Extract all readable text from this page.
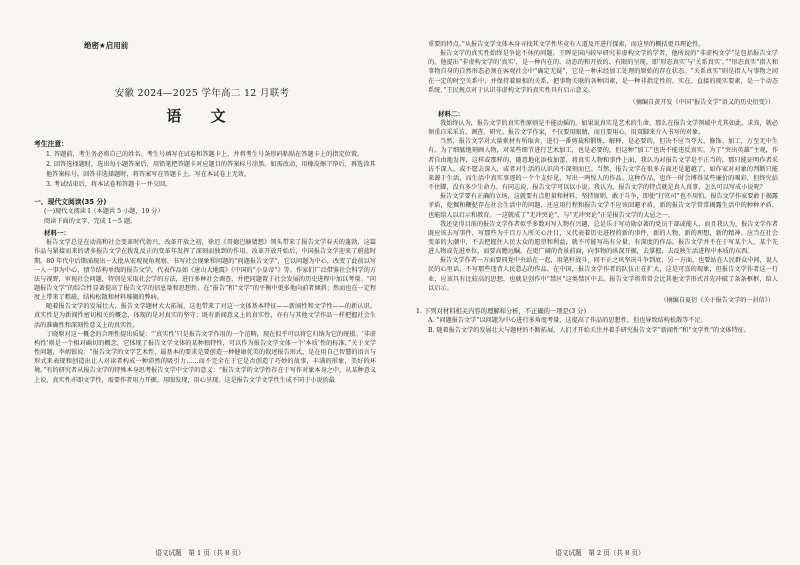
绝密★启用前
安徽 2024—2025 学年高二 12 月联考
语 文
考生注意：

1. 答题前，考生务必将自己的姓名、考生号填写在试卷和答题卡上，并将考生号条形码粘贴在答题卡上的指定位置。

2. 回答选择题时，选出每小题答案后，用铅笔把答题卡对应题目的答案标号涂黑。如需改动，用橡皮擦干净后，再选涂其他答案标号。回答非选择题时，将答案写在答题卡上。写在本试卷上无效。

3. 考试结束后，将本试卷和答题卡一并交回。

一、现代文阅读(35 分)
(一)现代文阅读 I（本题共 5 小题，19 分）
阅读下面的文字，完成 1～5 题。
材料一：

报告文学总是在动荡和社会变革时代勃兴，改革开放之初，徐迟《哥德巴赫猜想》领头带来了报告文学春天的蓬勃，这篇作品与紧接而来的诸多报告文学在拨乱反正的变革年发挥了深刻而独到的作用。改革开放开始后，中国报告文学迎来了蔚蓝时期。80 年代中后期涌现出一大批从宏观视角观察、书写社会现象和问题的“问题报告文学”，它以问题为中心，改变了此前以写一人一事为中心、情节结构单线的报告文学。代表作品如《唐山大地震》《中国的“小皇帝”》等。作家们广泛借鉴社会科学的方法与视野，审视社会问题，特别是采取社会学的方法，进行多种社会调查，并把问题置于社会发展的历史进程中加以考量。“问题报告文学”的综合性显著提高了报告文学的信息量和思想性，在“报告”和“文学”的平衡中更多地向前者倾斜；然而也在一定程度上带来了粗疏、结构松散和材料堆砌的弊病。

随着报告文学的发展壮大，报告文学题材大大拓展，这也带来了对这一文体基本特征——新闻性和文学性——的新认识。真实性是为新闻性密切相关的概念，体现的是对真实的坚守；既有新闻意义上的真实性，亦有与其他文学作品一样把握社会生活的准确性和深刻性意义上的真实性。

丁晓原对这一概念的合理性提出质疑：“‘真实性’只是报告文学作用的一个范畴，现在似乎可以将它归纳为它的统摄。‘非虚构性’则是一个相对确切的概念，它体现了报告文学文体的某种独特性，可以作为报告文学文体一个‘本质’性的标准。”关于文学性问题，李炳银说：“报告文学的文学艺术性，最基本的要求是要创造一种健康优美的叙述报告形式，是在用自己智慧的语言与形式来表现和创造出让人对读者构成一种沛然的吸引力……而不完全在于它是否创造了巧妙的故事，丰满的形象，美好的环境。”有的研究者从报告文学的特殊本身思考报告文学中文学的意义：“报告文学的文学性存在于写作对象本身之中，从某种意义上说，真实性亦即文学性，需要作者用力开掘，用眼发现，用心呈现。这是报告文学文学性生成不同于小说的最

语文试题　第 1 页（共 8 页）

重要的特点。”从报告文学文体本身寻找其文学性毕竟有人道及开进行探索，而这里的概括更具理论性。

报告文学的真实性始终是争论不休的问题。王晖是国内较早研究非虚构文学的学者，他所说的“非虚构文学”是包括报告文学的。他提出“非虚构文学的‘真实’，是一种内在的、动态的和开放的、有限的呈现，即‘形态真实’与‘关系真实’。”“形态真实”指人和事物自身的自然形态必须在客观社会中“确定无疑”，它是一种未经加工处理的原始的存在状态。“关系真实”则是指人与事物之间在一定的时空关系中，并保持着原相的关系，把事物关联的各种因素，是一种非指定性的、实在、直接的现实要素，是一个动态系统，”王民规点对于认识非虚构文学的真实性具有启示意义。

（摘编自黄开发《中国“报告文学”语义的历史衍变》）
材料二：

我始终认为，报告文学的真实性原则是不能动摇的。如果说真实是艺术的生命，那么在报告文学领域中尤其如此。求真，就必须重自采采访、调查、研究。报告文学作家，不仅要用眼睛，而且要用心、用双脚来介入书写的对象。

当然，报告文学对大量素材有所取舍，进行一番剪裁和锻炼，解释，是必要的，但决不应当夸大、修饰、加工，万至无中生有。为了细腻地刻画人物，对某些细节进行艺术加工，也是必要的，但这种“加工”也决不能违反真实。为了“突出英雄”主观，作者自由地发挥，这样或那样的，随意地化添枝加蕾，将真实人物和事件上面，我认为对报告文学是不正当的，那只能证明作者采访不深入，或不愿去深入，或者对生活的认识尚不深刻而已。当然，报告文学在很多方面还是超越了，如作家对对象的判断只能来源于生活，而生活中真实事迹的一个个支好见，写出一鸣惊人的作品。这种作品，也许一时会博得某些廉价的喝彩，但终究站不住脚，没有多少生命力。有同志说，报告文学可以以小说。我认为，报告文学的特点就是真人真事，怎么可以写成小说呢？

报告文学要有正确的立场，这就要有点胆量和材料，坚持原则，敢于斗争，即使“打官司”也不用怕。报告文学作家要敢于揭露矛盾，挖掘和鞭挞存在社会生活中的问题，还应用行程和报告文学不应该回避矛盾。新的报告文学常常揭露生活中的种种矛盾，也能给人以启示和教育。一这就成了“无冲突论”，与“无冲突论”正是报告文学的大忌之一。

我还觉得目前的报告文学作者似乎多数对写人物有兴趣，总是乐于写功勋卓著的党员干部或能人，而且我认为，报告文学作者既应该去写事件，写那些为千百万人所关心注目，又代表着历史进程的新的事件，新的人物，新的理想，新的精神。应当在社会变革的大潮中，不去把握住人民大众的愿望和利益，就不可能写出有分量、有深度的作品。报告文学并不在于写某个人、某个先进人物或先进单位，而要高瞻远瞩，在更广阔的背景前面，向事物的纵深开掘，去掌握、去反映生活进程中本质的东西。

报告文学作者一方面要同党中央站在一起，用笔杆战斗，同不正之风坚决斗争到底；另一方面，也要站在人民群众中间，说人民的心里话，不写那些违背人民意志的作品。在中国，报告文学作者的队伍正在扩大，这是可喜的现象，但报告文学作者这一行业，应该具有比较高的思想，也就是创作中“禁区”这类禁区中去。报告文学将常常会比其他文学形式首先冲破了条条框框，给人以启示。

（摘编自夏衍《关于报告文学的一封信》）
1. 下列对材料相关内容的理解和分析，不正确的一项是(3 分)
A. “问题报告文学”以问题为中心进行多角度考量，这提高了作品的思想性，但也导致结构松散等不足。
B. 随着报告文学的发展壮大与题材的不断拓展，人们才开始关注并着手研究报告文学“新闻性”和“文学性”的文体特征。
语文试题　第 2 页（共 8 页）
